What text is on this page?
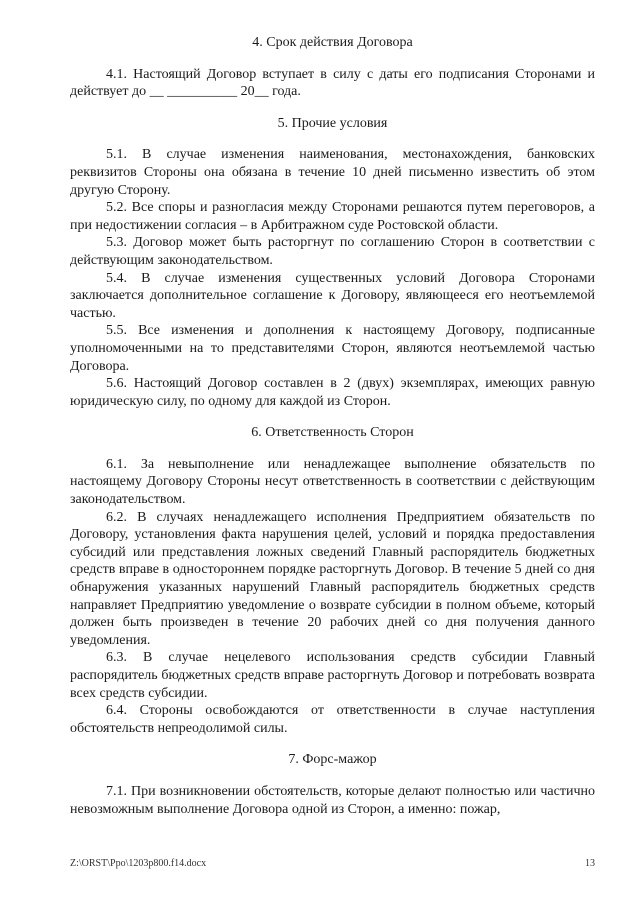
4. Срок действия Договора

4.1. Настоящий Договор вступает в силу с даты его подписания Сторонами и действует до __ __________ 20__ года.

5. Прочие условия

5.1. В случае изменения наименования, местонахождения, банковских реквизитов Стороны она обязана в течение 10 дней письменно известить об этом другую Сторону.

5.2. Все споры и разногласия между Сторонами решаются путем переговоров, а при недостижении согласия – в Арбитражном суде Ростовской области.

5.3. Договор может быть расторгнут по соглашению Сторон в соответствии с действующим законодательством.

5.4. В случае изменения существенных условий Договора Сторонами заключается дополнительное соглашение к Договору, являющееся его неотъемлемой частью.

5.5. Все изменения и дополнения к настоящему Договору, подписанные уполномоченными на то представителями Сторон, являются неотъемлемой частью Договора.

5.6. Настоящий Договор составлен в 2 (двух) экземплярах, имеющих равную юридическую силу, по одному для каждой из Сторон.

6. Ответственность Сторон

6.1. За невыполнение или ненадлежащее выполнение обязательств по настоящему Договору Стороны несут ответственность в соответствии с действующим законодательством.

6.2. В случаях ненадлежащего исполнения Предприятием обязательств по Договору, установления факта нарушения целей, условий и порядка предоставления субсидий или представления ложных сведений Главный распорядитель бюджетных средств вправе в одностороннем порядке расторгнуть Договор. В течение 5 дней со дня обнаружения указанных нарушений Главный распорядитель бюджетных средств направляет Предприятию уведомление о возврате субсидии в полном объеме, который должен быть произведен в течение 20 рабочих дней со дня получения данного уведомления.

6.3. В случае нецелевого использования средств субсидии Главный распорядитель бюджетных средств вправе расторгнуть Договор и потребовать возврата всех средств субсидии.

6.4. Стороны освобождаются от ответственности в случае наступления обстоятельств непреодолимой силы.

7. Форс-мажор

7.1. При возникновении обстоятельств, которые делают полностью или частично невозможным выполнение Договора одной из Сторон, а именно: пожар,

Z:\ORST\Ppo\1203p800.f14.docx	13
